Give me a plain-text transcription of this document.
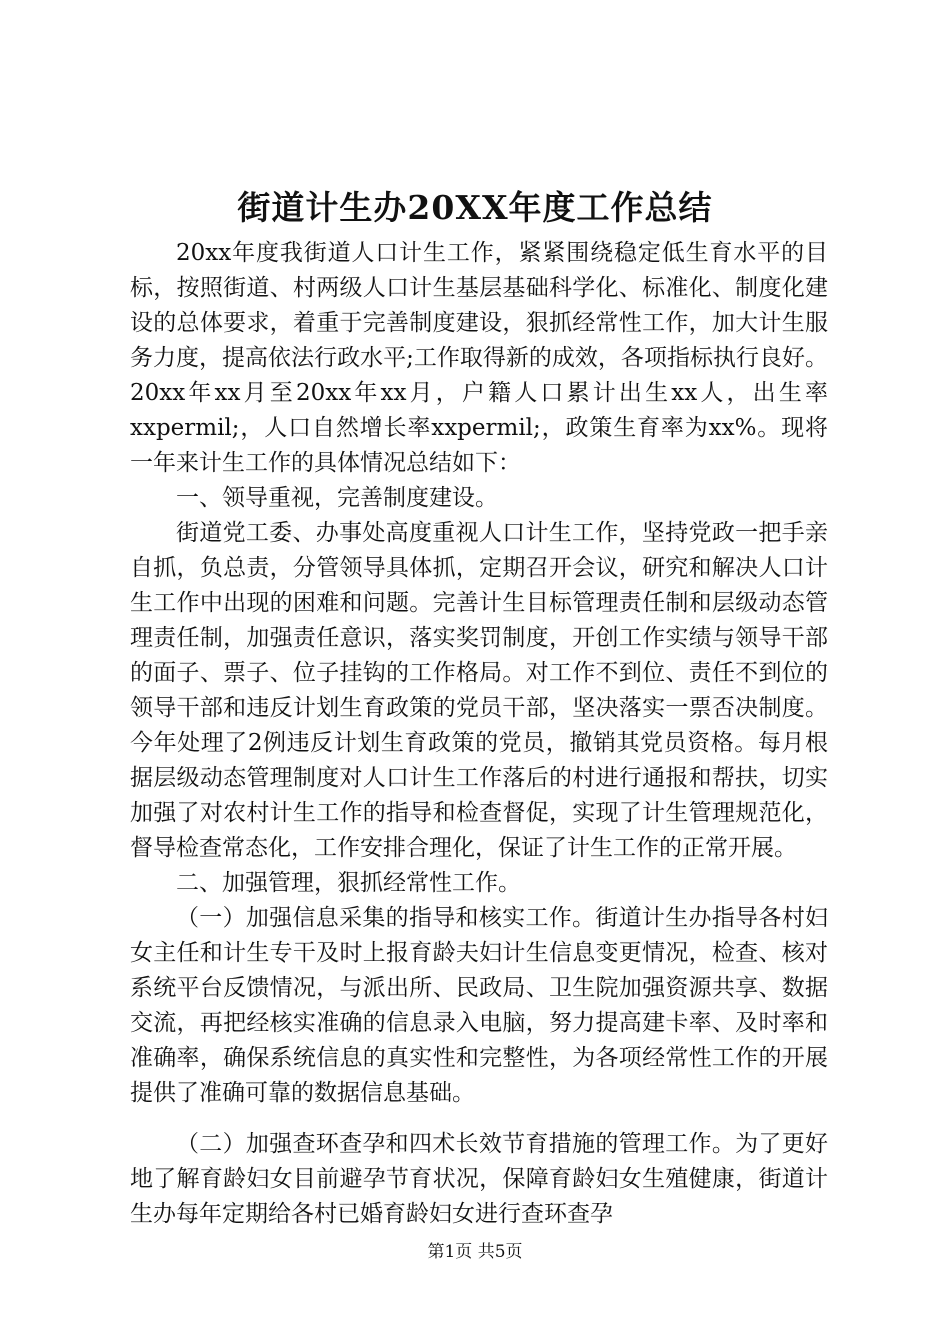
街道计生办20XX年度工作总结

20xx年度我街道人口计生工作，紧紧围绕稳定低生育水平的目标，按照街道、村两级人口计生基层基础科学化、标准化、制度化建设的总体要求，着重于完善制度建设，狠抓经常性工作，加大计生服务力度，提高依法行政水平;工作取得新的成效，各项指标执行良好。20xx年xx月至20xx年xx月，户籍人口累计出生xx人，出生率xxpermil;，人口自然增长率xxpermil;，政策生育率为xx%。现将一年来计生工作的具体情况总结如下：

一、领导重视，完善制度建设。

街道党工委、办事处高度重视人口计生工作，坚持党政一把手亲自抓，负总责，分管领导具体抓，定期召开会议，研究和解决人口计生工作中出现的困难和问题。完善计生目标管理责任制和层级动态管理责任制，加强责任意识，落实奖罚制度，开创工作实绩与领导干部的面子、票子、位子挂钩的工作格局。对工作不到位、责任不到位的领导干部和违反计划生育政策的党员干部，坚决落实一票否决制度。今年处理了2例违反计划生育政策的党员，撤销其党员资格。每月根据层级动态管理制度对人口计生工作落后的村进行通报和帮扶，切实加强了对农村计生工作的指导和检查督促，实现了计生管理规范化，督导检查常态化，工作安排合理化，保证了计生工作的正常开展。

二、加强管理，狠抓经常性工作。

（一）加强信息采集的指导和核实工作。街道计生办指导各村妇女主任和计生专干及时上报育龄夫妇计生信息变更情况，检查、核对系统平台反馈情况，与派出所、民政局、卫生院加强资源共享、数据交流，再把经核实准确的信息录入电脑，努力提高建卡率、及时率和准确率，确保系统信息的真实性和完整性，为各项经常性工作的开展提供了准确可靠的数据信息基础。

（二）加强查环查孕和四术长效节育措施的管理工作。为了更好地了解育龄妇女目前避孕节育状况，保障育龄妇女生殖健康，街道计生办每年定期给各村已婚育龄妇女进行查环查孕

第1页 共5页
